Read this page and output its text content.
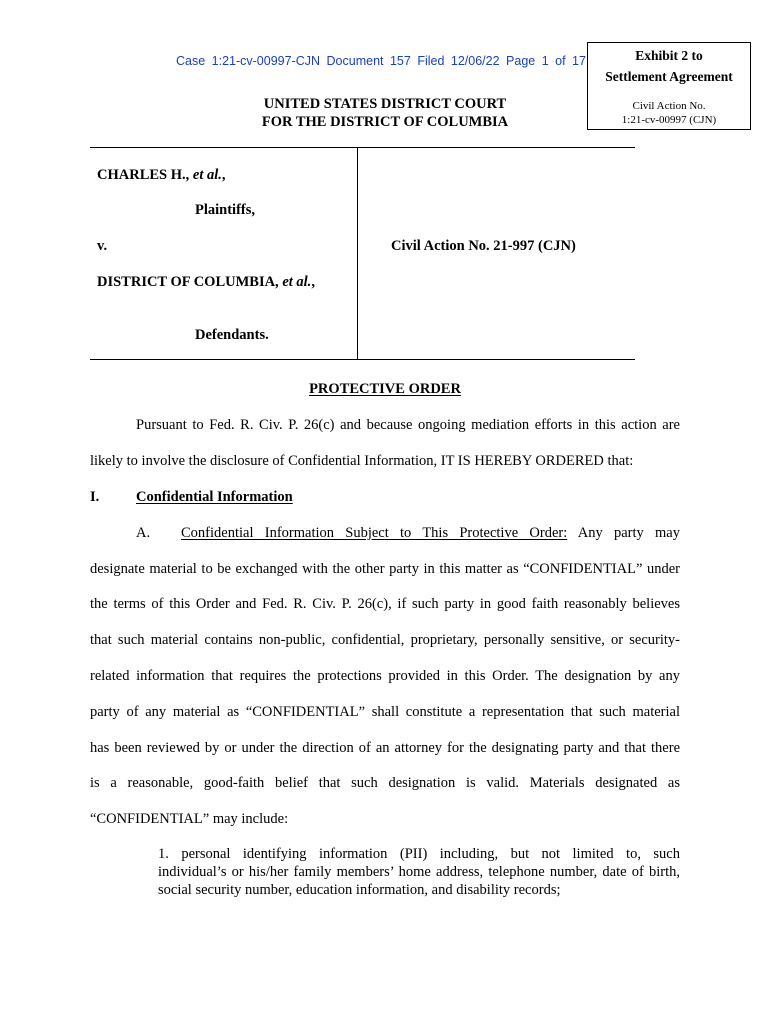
Case 1:21-cv-00997-CJN Document 157 Filed 12/06/22 Page 1 of 17	Exhibit 2 to
Settlement Agreement
Civil Action No.
1:21-cv-00997 (CJN)
UNITED STATES DISTRICT COURT
FOR THE DISTRICT OF COLUMBIA
CHARLES H., et al.,
Plaintiffs,
v.
DISTRICT OF COLUMBIA, et al.,
Defendants.
Civil Action No. 21-997 (CJN)
PROTECTIVE ORDER
Pursuant to Fed. R. Civ. P. 26(c) and because ongoing mediation efforts in this action are
likely to involve the disclosure of Confidential Information, IT IS HEREBY ORDERED that:
I.	Confidential Information
A. Confidential Information Subject to This Protective Order: Any party may
designate material to be exchanged with the other party in this matter as “CONFIDENTIAL” under
the terms of this Order and Fed. R. Civ. P. 26(c), if such party in good faith reasonably believes
that such material contains non-public, confidential, proprietary, personally sensitive, or security-
related information that requires the protections provided in this Order. The designation by any
party of any material as “CONFIDENTIAL” shall constitute a representation that such material
has been reviewed by or under the direction of an attorney for the designating party and that there
is a reasonable, good-faith belief that such designation is valid. Materials designated as
“CONFIDENTIAL” may include:
1. personal identifying information (PII) including, but not limited to, such
individual’s or his/her family members’ home address, telephone number, date of birth,
social security number, education information, and disability records;
